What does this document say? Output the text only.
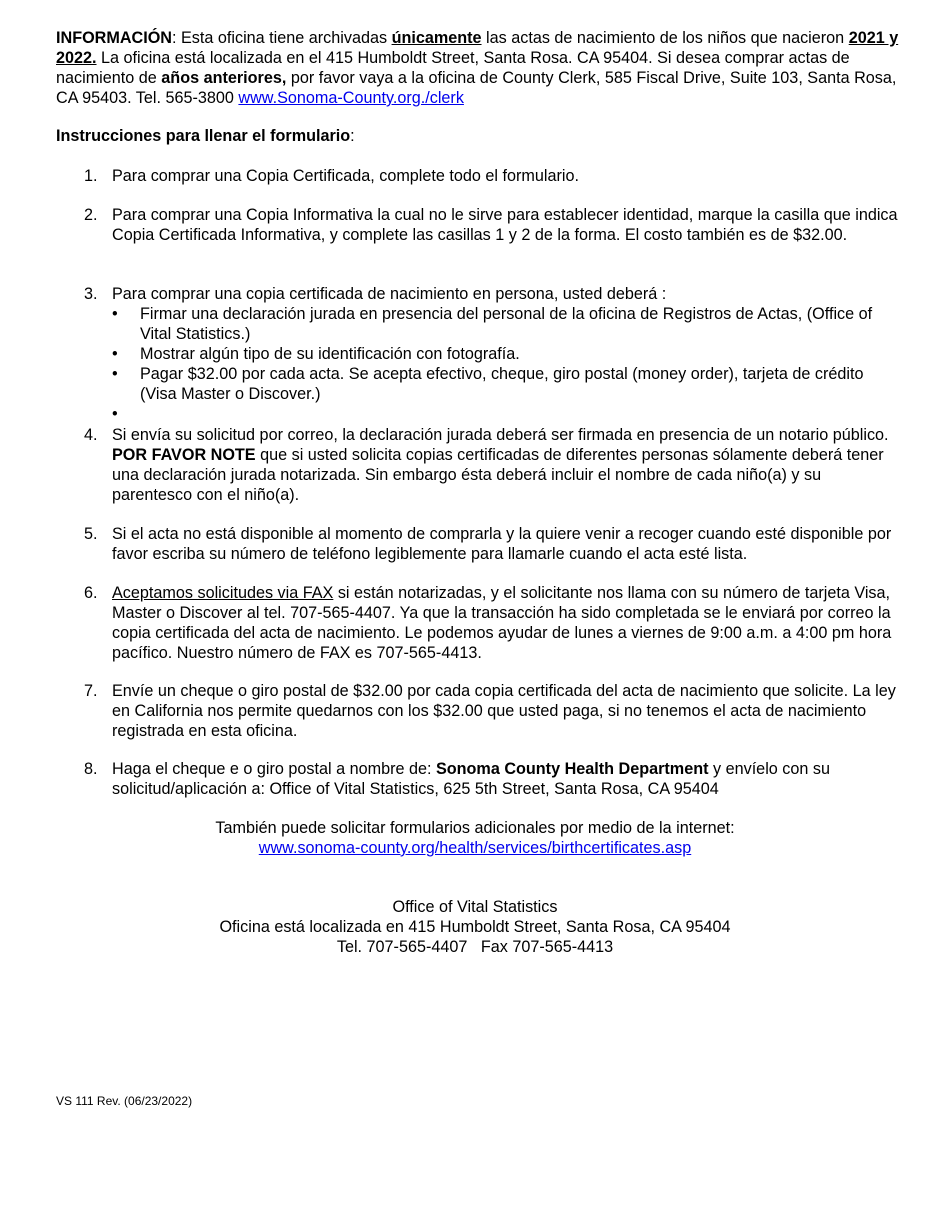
INFORMACIÓN: Esta oficina tiene archivadas únicamente las actas de nacimiento de los niños que nacieron 2021 y 2022. La oficina está localizada en el 415 Humboldt Street, Santa Rosa. CA 95404. Si desea comprar actas de nacimiento de años anteriores, por favor vaya a la oficina de County Clerk, 585 Fiscal Drive, Suite 103, Santa Rosa, CA 95403. Tel. 565-3800 www.Sonoma-County.org./clerk

Instrucciones para llenar el formulario:

1. Para comprar una Copia Certificada, complete todo el formulario.
2. Para comprar una Copia Informativa la cual no le sirve para establecer identidad, marque la casilla que indica Copia Certificada Informativa, y complete las casillas 1 y 2 de la forma. El costo también es de $32.00.
3. Para comprar una copia certificada de nacimiento en persona, usted deberá :
• Firmar una declaración jurada en presencia del personal de la oficina de Registros de Actas, (Office of Vital Statistics.)
• Mostrar algún tipo de su identificación con fotografía.
• Pagar $32.00 por cada acta. Se acepta efectivo, cheque, giro postal (money order), tarjeta de crédito (Visa Master o Discover.)
•

4. Si envía su solicitud por correo, la declaración jurada deberá ser firmada en presencia de un notario público. POR FAVOR NOTE que si usted solicita copias certificadas de diferentes personas sólamente deberá tener una declaración jurada notarizada. Sin embargo ésta deberá incluir el nombre de cada niño(a) y su parentesco con el niño(a).
5. Si el acta no está disponible al momento de comprarla y la quiere venir a recoger cuando esté disponible por favor escriba su número de teléfono legiblemente para llamarle cuando el acta esté lista.
6. Aceptamos solicitudes via FAX si están notarizadas, y el solicitante nos llama con su número de tarjeta Visa, Master o Discover al tel. 707-565-4407. Ya que la transacción ha sido completada se le enviará por correo la copia certificada del acta de nacimiento. Le podemos ayudar de lunes a viernes de 9:00 a.m. a 4:00 pm hora pacífico. Nuestro número de FAX es 707-565-4413.
7. Envíe un cheque o giro postal de $32.00 por cada copia certificada del acta de nacimiento que solicite. La ley en California nos permite quedarnos con los $32.00 que usted paga, si no tenemos el acta de nacimiento registrada en esta oficina.
8. Haga el cheque e o giro postal a nombre de: Sonoma County Health Department y envíelo con su solicitud/aplicación a: Office of Vital Statistics, 625 5th Street, Santa Rosa, CA 95404
También puede solicitar formularios adicionales por medio de la internet:
www.sonoma-county.org/health/services/birthcertificates.asp
Office of Vital Statistics
Oficina está localizada en 415 Humboldt Street, Santa Rosa, CA 95404
Tel. 707-565-4407   Fax 707-565-4413
VS 111 Rev. (06/23/2022)
